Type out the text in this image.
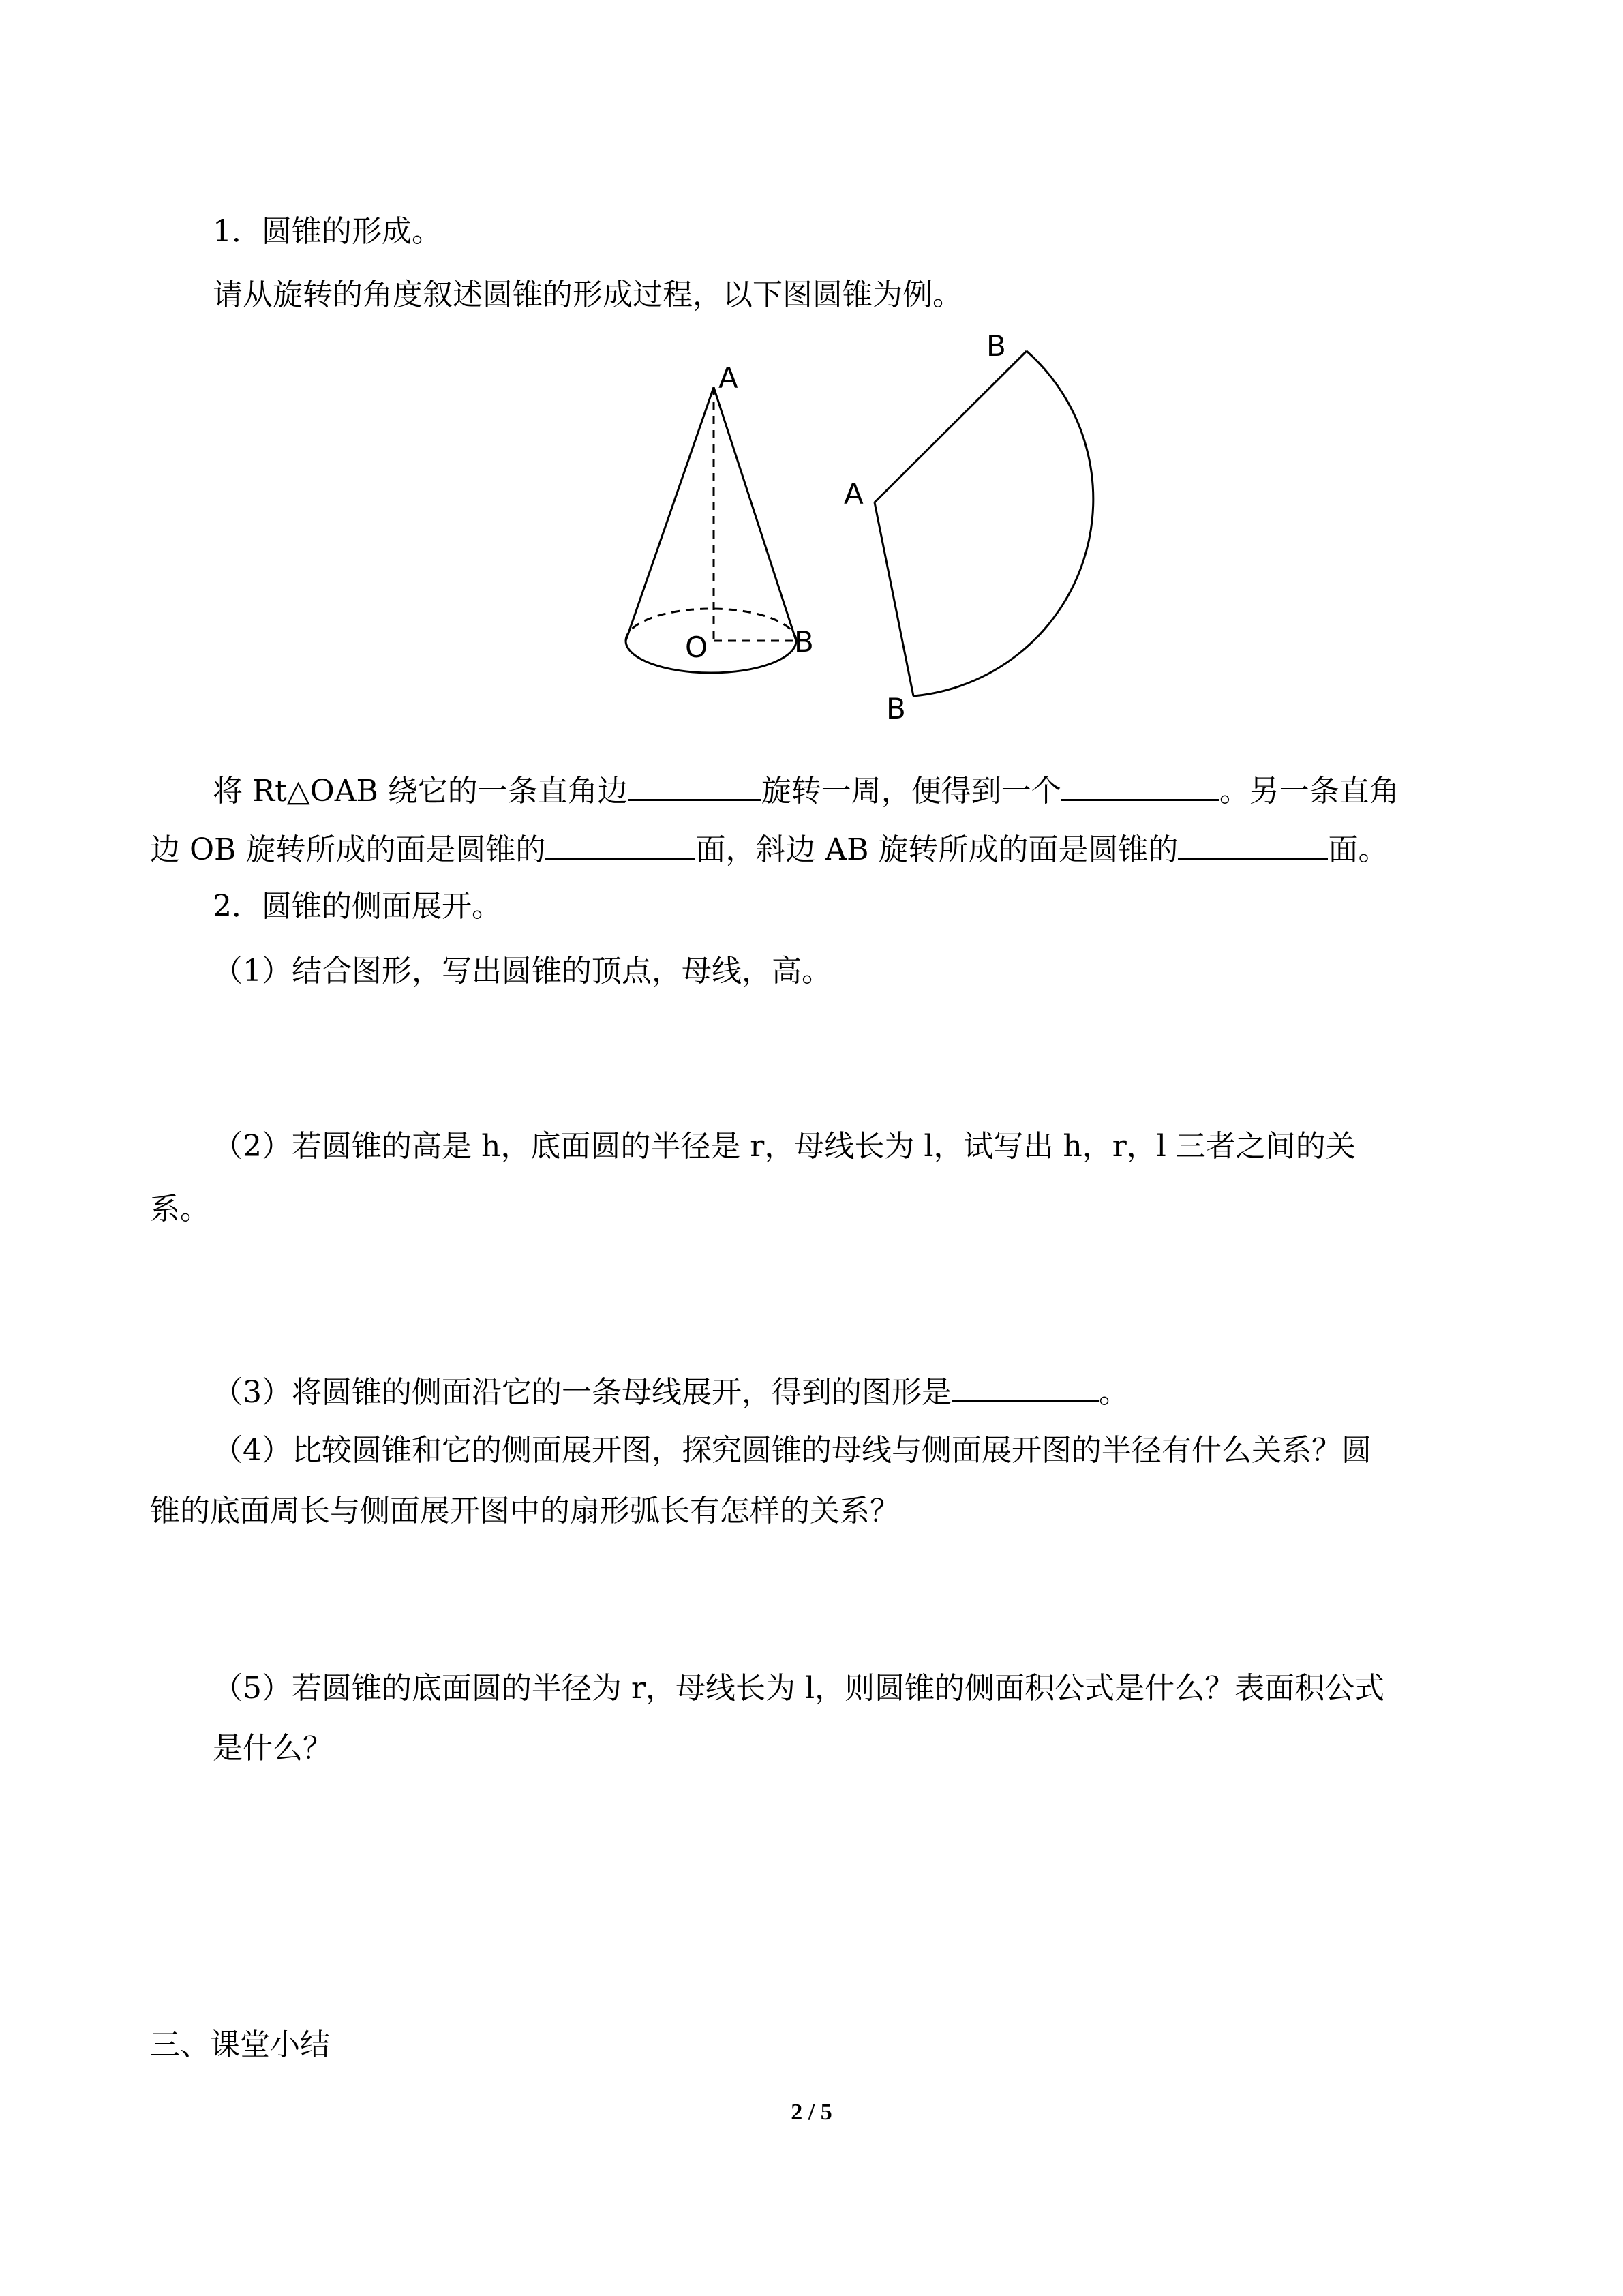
1．圆锥的形成。
请从旋转的角度叙述圆锥的形成过程，以下图圆锥为例。
A
O	B
B
A
B
将 Rt△OAB 绕它的一条直角边	旋转一周，便得到一个	。另一条直角
边 OB 旋转所成的面是圆锥的	面，斜边 AB 旋转所成的面是圆锥的	面。
2．圆锥的侧面展开。
（1）结合图形，写出圆锥的顶点，母线，高。
（2）若圆锥的高是 h，底面圆的半径是 r，母线长为 l，试写出 h，r，l 三者之间的关
系。
（3）将圆锥的侧面沿它的一条母线展开，得到的图形是	。
（4）比较圆锥和它的侧面展开图，探究圆锥的母线与侧面展开图的半径有什么关系？圆
锥的底面周长与侧面展开图中的扇形弧长有怎样的关系？
（5）若圆锥的底面圆的半径为 r，母线长为 l，则圆锥的侧面积公式是什么？表面积公式
是什么？
三、课堂小结
2 / 5
